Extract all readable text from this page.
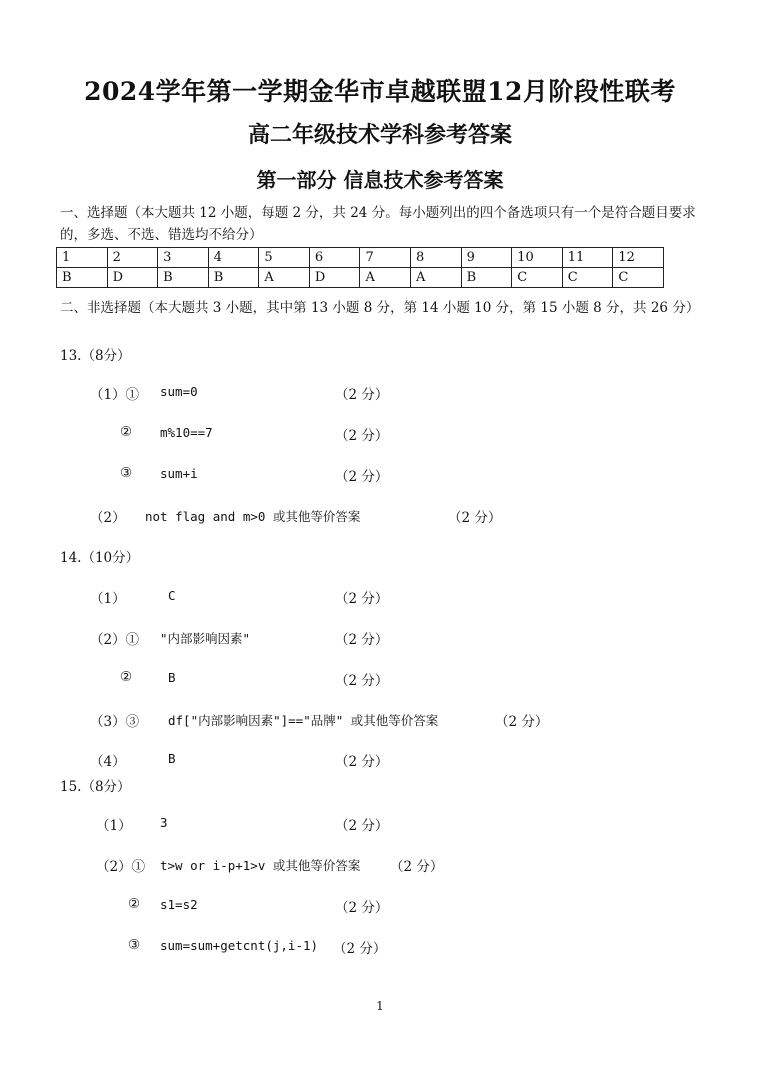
2024学年第一学期金华市卓越联盟12月阶段性联考
高二年级技术学科参考答案
第一部分 信息技术参考答案
一、选择题（本大题共 12 小题，每题 2 分，共 24 分。每小题列出的四个备选项只有一个是符合题目要求的，多选、不选、错选均不给分）
1	2	3	4	5	6	7	8	9	10	11	12
B	D	B	B	A	D	A	A	B	C	C	C
二、非选择题（本大题共 3 小题，其中第 13 小题 8 分，第 14 小题 10 分，第 15 小题 8 分，共 26 分）
13.（8分）
（1）① sum=0	（2 分）
② m%10==7	（2 分）
③ sum+i	（2 分）
（2） not flag and m>0 或其他等价答案	（2 分）
14.（10分）
（1）	C	（2 分）
（2）① "内部影响因素"	（2 分）
②	B	（2 分）
（3）③ df["内部影响因素"]=="品牌" 或其他等价答案	（2 分）
（4）	B	（2 分）
15.（8分）
（1） 3	（2 分）
（2）① t>w or i-p+1>v 或其他等价答案 （2 分）
② s1=s2	（2 分）
③ sum=sum+getcnt(j,i-1) （2 分）
1
